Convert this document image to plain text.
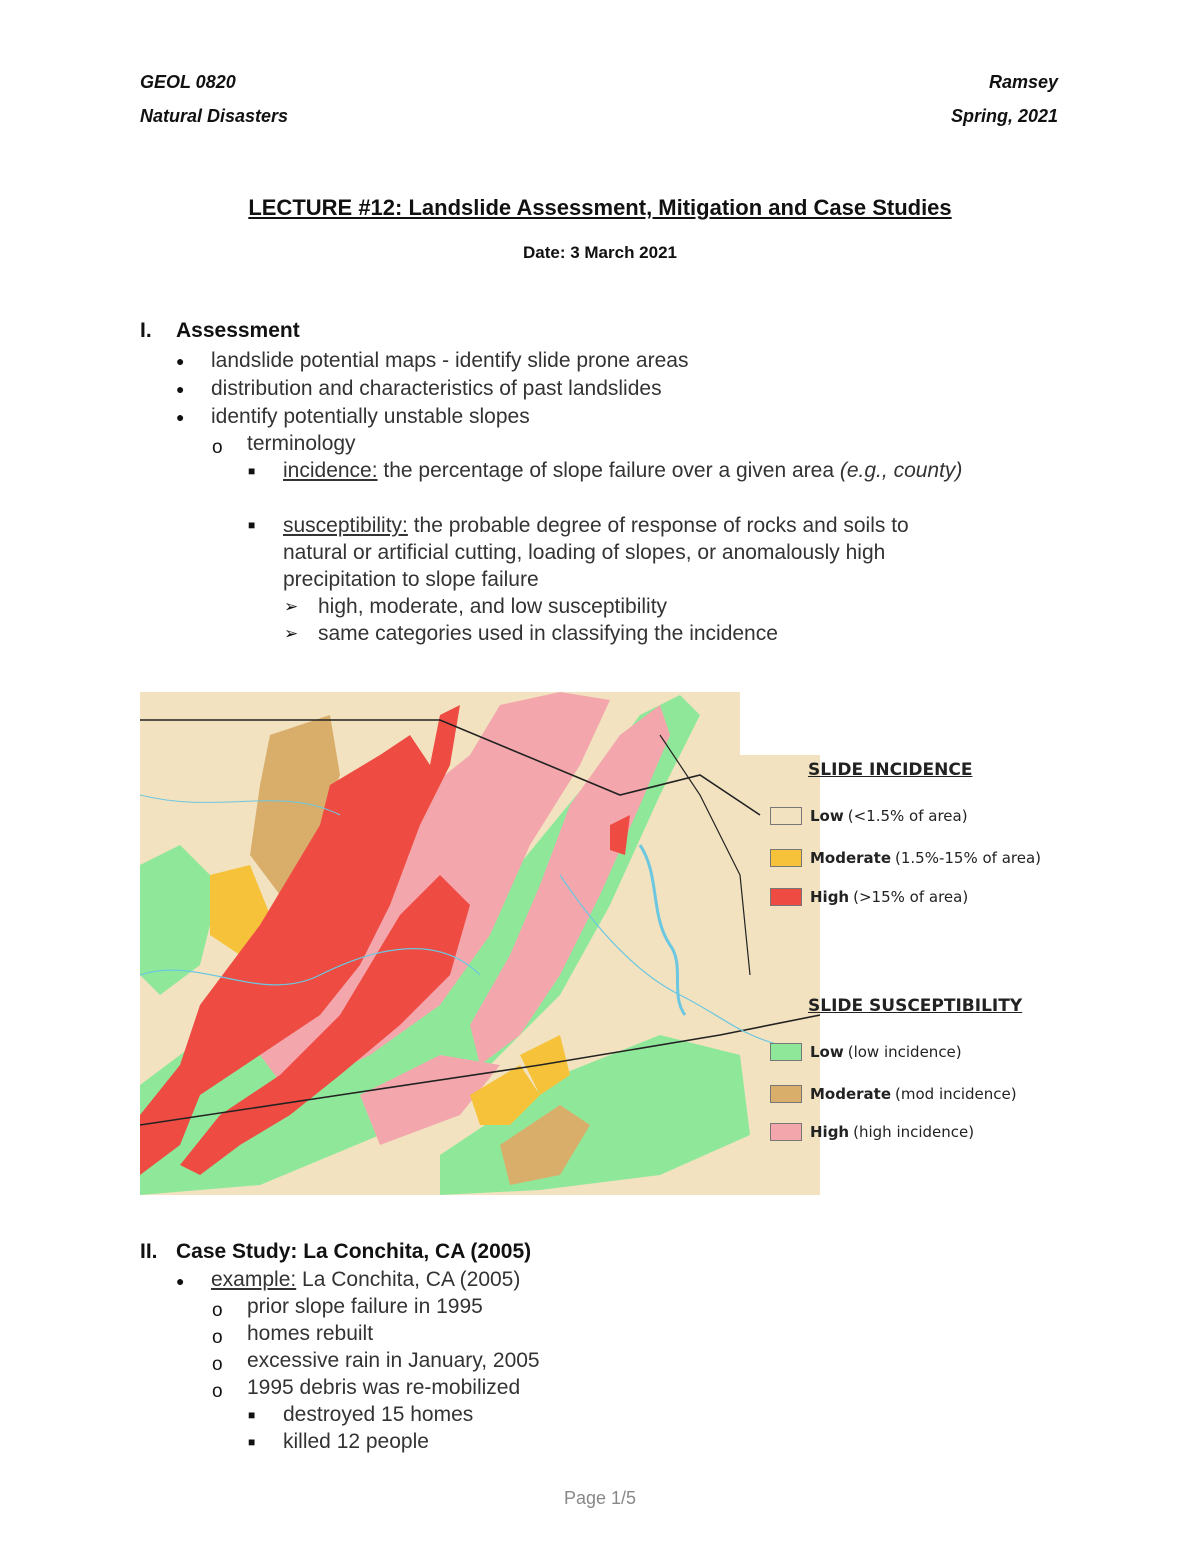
GEOL 0820	Ramsey
Natural Disasters	Spring, 2021
LECTURE #12: Landslide Assessment, Mitigation and Case Studies
Date: 3 March 2021
I. Assessment
● landslide potential maps - identify slide prone areas
● distribution and characteristics of past landslides
● identify potentially unstable slopes
o terminology
■ incidence: the percentage of slope failure over a given area (e.g., county)
■ susceptibility: the probable degree of response of rocks and soils to
natural or artificial cutting, loading of slopes, or anomalously high
precipitation to slope failure
➢ high, moderate, and low susceptibility
➢ same categories used in classifying the incidence
SLIDE INCIDENCE
Low (<1.5% of area)
Moderate (1.5%-15% of area)
High (>15% of area)
SLIDE SUSCEPTIBILITY
Low (low incidence)
Moderate (mod incidence)
High (high incidence)
II. Case Study: La Conchita, CA (2005)
● example: La Conchita, CA (2005)
o prior slope failure in 1995
o homes rebuilt
o excessive rain in January, 2005
o 1995 debris was re-mobilized
■ destroyed 15 homes
■ killed 12 people
Page 1/5
